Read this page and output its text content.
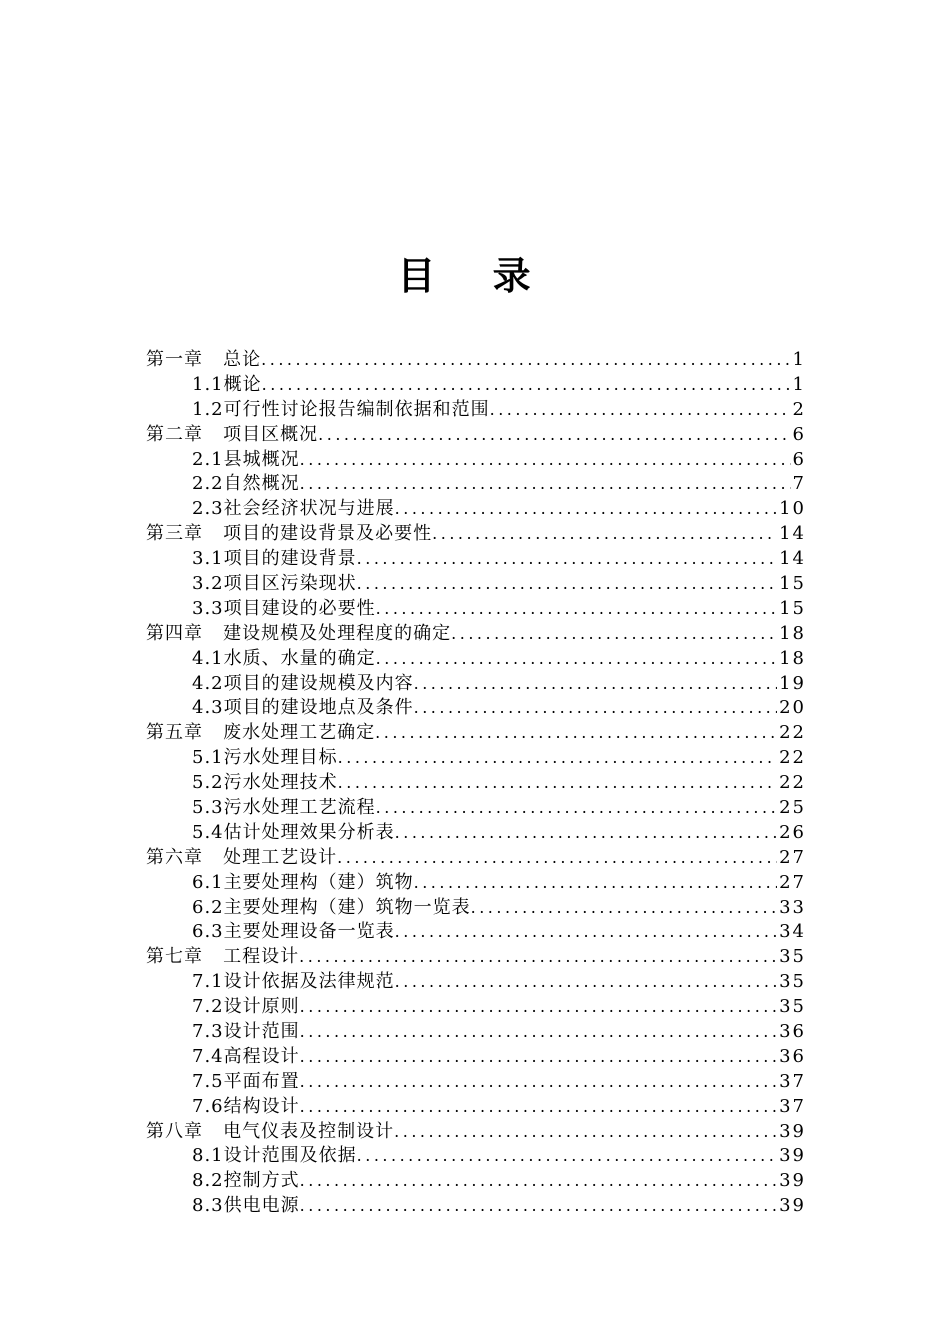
目 录
第一章   总论 .....	1
1.1概论 .....	1
1.2可行性讨论报告编制依据和范围 .....	2
第二章   项目区概况 .....	6
2.1县城概况 .....	6
2.2自然概况 .....	7
2.3社会经济状况与进展 .....	10
第三章   项目的建设背景及必要性 .....	14
3.1项目的建设背景 .....	14
3.2项目区污染现状 .....	15
3.3项目建设的必要性 .....	15
第四章   建设规模及处理程度的确定 .....	18
4.1水质、水量的确定 .....	18
4.2项目的建设规模及内容 .....	19
4.3项目的建设地点及条件 .....	20
第五章   废水处理工艺确定 .....	22
5.1污水处理目标 .....	22
5.2污水处理技术 .....	22
5.3污水处理工艺流程 .....	25
5.4估计处理效果分析表 .....	26
第六章   处理工艺设计 .....	27
6.1主要处理构（建）筑物 .....	27
6.2主要处理构（建）筑物一览表 .....	33
6.3主要处理设备一览表 .....	34
第七章   工程设计 .....	35
7.1设计依据及法律规范 .....	35
7.2设计原则 .....	35
7.3设计范围 .....	36
7.4高程设计 .....	36
7.5平面布置 .....	37
7.6结构设计 .....	37
第八章   电气仪表及控制设计 .....	39
8.1设计范围及依据 .....	39
8.2控制方式 .....	39
8.3供电电源 .....	39
